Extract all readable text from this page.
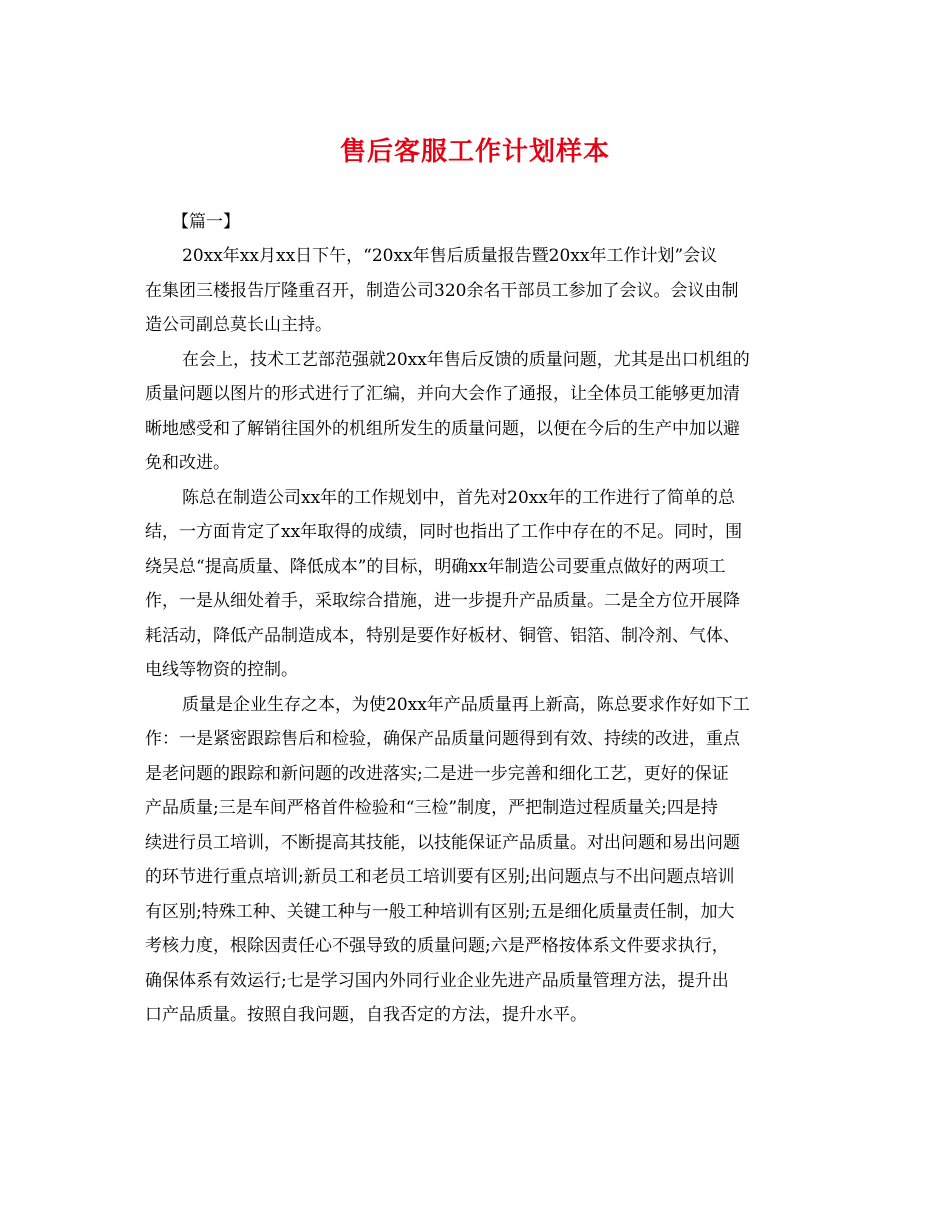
售后客服工作计划样本
【篇一】

20xx年xx月xx日下午，“20xx年售后质量报告暨20xx年工作计划”会议
在集团三楼报告厅隆重召开，制造公司320余名干部员工参加了会议。会议由制
造公司副总莫长山主持。

在会上，技术工艺部范强就20xx年售后反馈的质量问题，尤其是出口机组的
质量问题以图片的形式进行了汇编，并向大会作了通报，让全体员工能够更加清
晰地感受和了解销往国外的机组所发生的质量问题，以便在今后的生产中加以避
免和改进。

陈总在制造公司xx年的工作规划中，首先对20xx年的工作进行了简单的总
结，一方面肯定了xx年取得的成绩，同时也指出了工作中存在的不足。同时，围
绕吴总“提高质量、降低成本”的目标，明确xx年制造公司要重点做好的两项工
作，一是从细处着手，采取综合措施，进一步提升产品质量。二是全方位开展降
耗活动，降低产品制造成本，特别是要作好板材、铜管、铝箔、制冷剂、气体、
电线等物资的控制。

质量是企业生存之本，为使20xx年产品质量再上新高，陈总要求作好如下工
作：一是紧密跟踪售后和检验，确保产品质量问题得到有效、持续的改进，重点
是老问题的跟踪和新问题的改进落实;二是进一步完善和细化工艺，更好的保证
产品质量;三是车间严格首件检验和“三检”制度，严把制造过程质量关;四是持
续进行员工培训，不断提高其技能，以技能保证产品质量。对出问题和易出问题
的环节进行重点培训;新员工和老员工培训要有区别;出问题点与不出问题点培训
有区别;特殊工种、关键工种与一般工种培训有区别;五是细化质量责任制，加大
考核力度，根除因责任心不强导致的质量问题;六是严格按体系文件要求执行，
确保体系有效运行;七是学习国内外同行业企业先进产品质量管理方法，提升出
口产品质量。按照自我问题，自我否定的方法，提升水平。
